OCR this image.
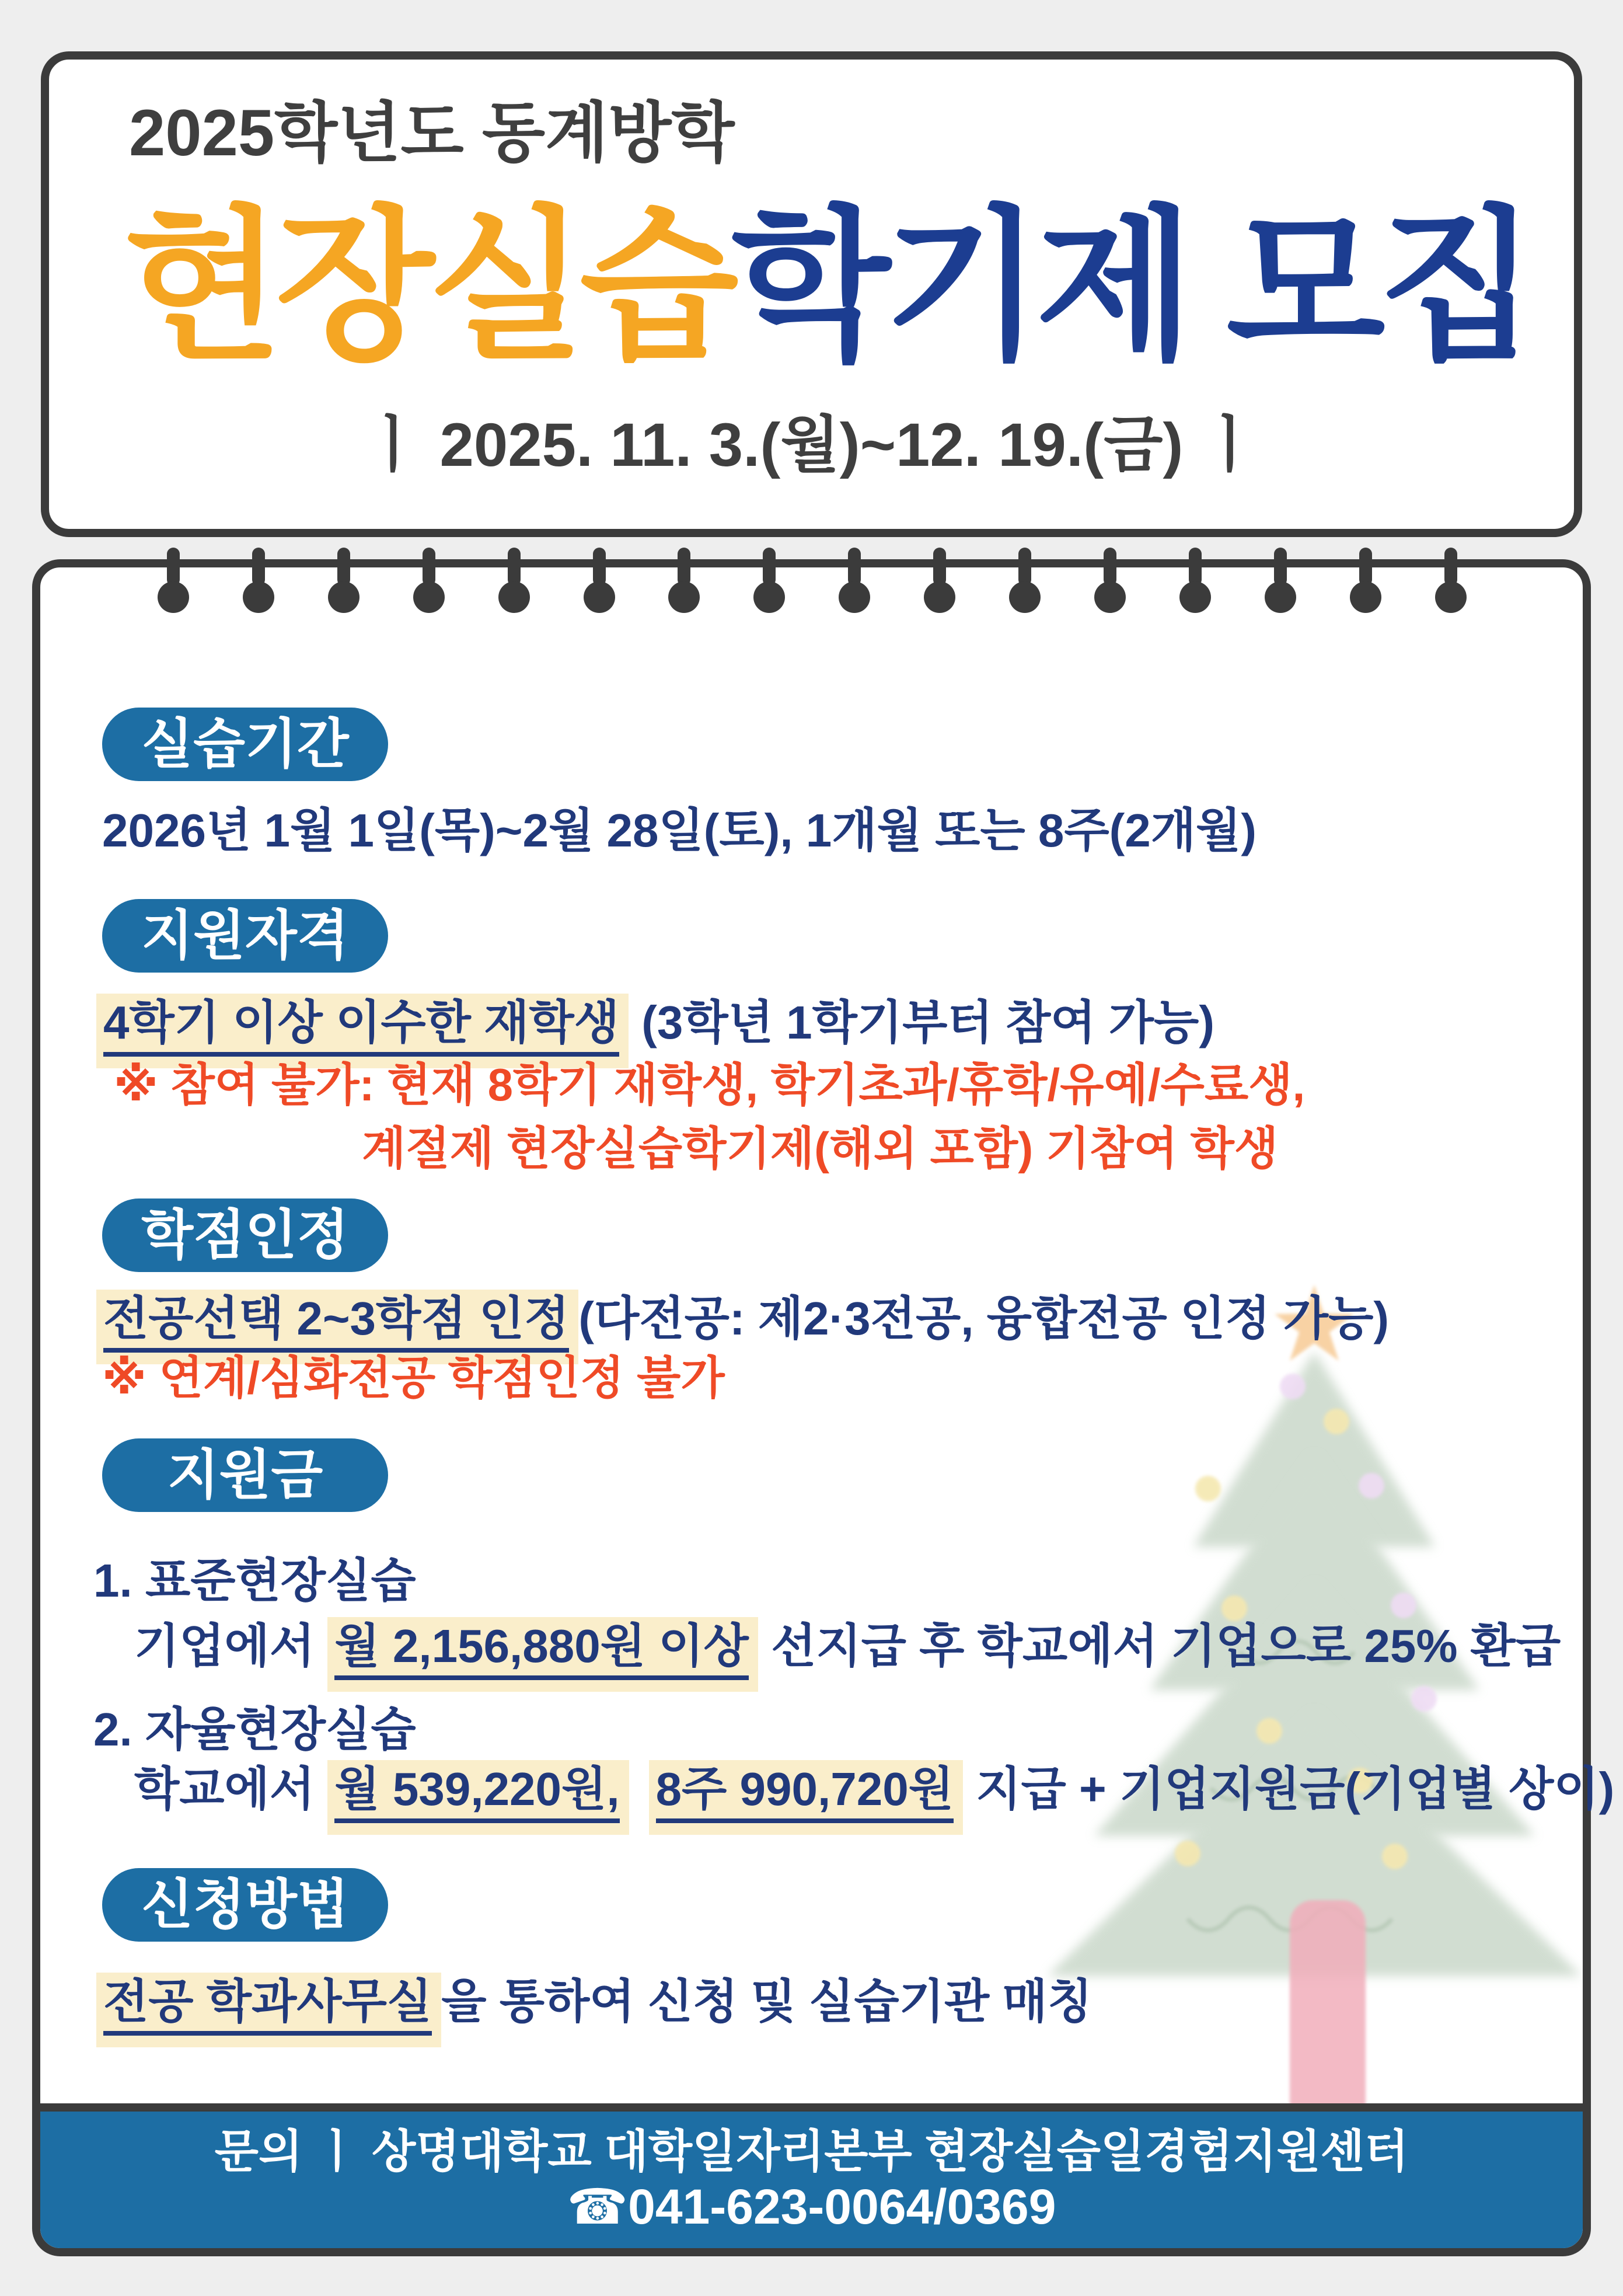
2025학년도 동계방학
현장실습학기제 모집
ㅣ 2025. 11. 3.(월)~12. 19.(금) ㅣ
문의 ㅣ 상명대학교 대학일자리본부 현장실습일경험지원센터
☎041-623-0064/0369
실습기간
2026년 1월 1일(목)~2월 28일(토), 1개월 또는 8주(2개월)
지원자격
4학기 이상 이수한 재학생 (3학년 1학기부터 참여 가능)
※ 참여 불가: 현재 8학기 재학생, 학기초과/휴학/유예/수료생,
계절제 현장실습학기제(해외 포함) 기참여 학생
학점인정
전공선택 2~3학점 인정 (다전공: 제2·3전공, 융합전공 인정 가능)
※ 연계/심화전공 학점인정 불가
지원금
1. 표준현장실습
기업에서 월 2,156,880원 이상 선지급 후 학교에서 기업으로 25% 환급
2. 자율현장실습
학교에서 월 539,220원, 8주 990,720원 지급 + 기업지원금(기업별 상이)
신청방법
전공 학과사무실 을 통하여 신청 및 실습기관 매칭
